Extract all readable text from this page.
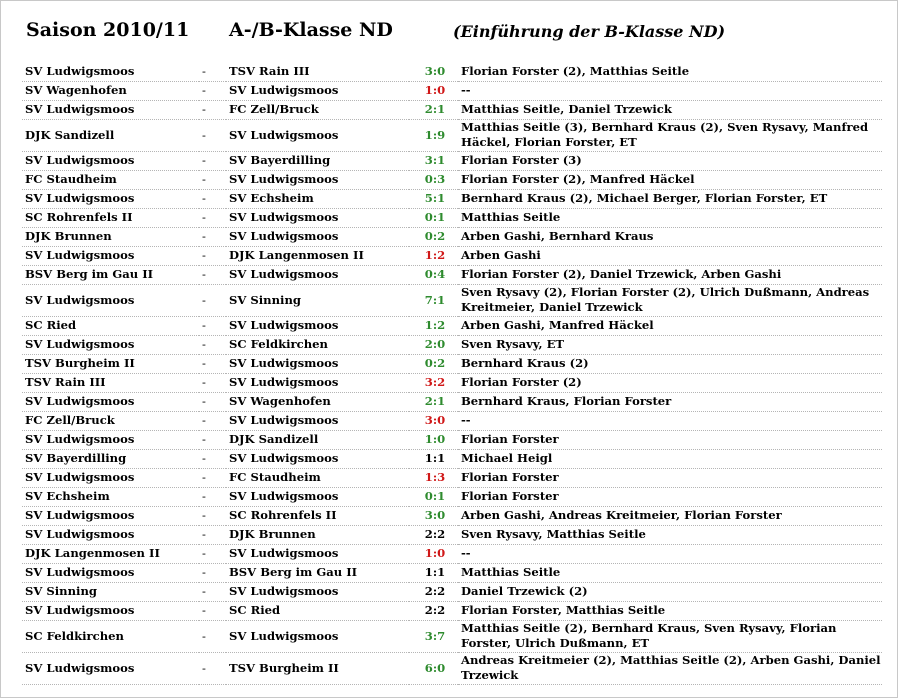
Saison 2010/11 A-/B-Klasse ND	(Einführung der B-Klasse ND)
SV Ludwigsmoos	-	TSV Rain III	3:0	Florian Forster (2), Matthias Seitle
SV Wagenhofen	-	SV Ludwigsmoos	1:0	--
SV Ludwigsmoos	-	FC Zell/Bruck	2:1	Matthias Seitle, Daniel Trzewick
DJK Sandizell	-	SV Ludwigsmoos	1:9	Matthias Seitle (3), Bernhard Kraus (2), Sven Rysavy, Manfred Häckel, Florian Forster, ET
SV Ludwigsmoos	-	SV Bayerdilling	3:1	Florian Forster (3)
FC Staudheim	-	SV Ludwigsmoos	0:3	Florian Forster (2), Manfred Häckel
SV Ludwigsmoos	-	SV Echsheim	5:1	Bernhard Kraus (2), Michael Berger, Florian Forster, ET
SC Rohrenfels II	-	SV Ludwigsmoos	0:1	Matthias Seitle
DJK Brunnen	-	SV Ludwigsmoos	0:2	Arben Gashi, Bernhard Kraus
SV Ludwigsmoos	-	DJK Langenmosen II	1:2	Arben Gashi
BSV Berg im Gau II	-	SV Ludwigsmoos	0:4	Florian Forster (2), Daniel Trzewick, Arben Gashi
SV Ludwigsmoos	-	SV Sinning	7:1	Sven Rysavy (2), Florian Forster (2), Ulrich Dußmann, Andreas Kreitmeier, Daniel Trzewick
SC Ried	-	SV Ludwigsmoos	1:2	Arben Gashi, Manfred Häckel
SV Ludwigsmoos	-	SC Feldkirchen	2:0	Sven Rysavy, ET
TSV Burgheim II	-	SV Ludwigsmoos	0:2	Bernhard Kraus (2)
TSV Rain III	-	SV Ludwigsmoos	3:2	Florian Forster (2)
SV Ludwigsmoos	-	SV Wagenhofen	2:1	Bernhard Kraus, Florian Forster
FC Zell/Bruck	-	SV Ludwigsmoos	3:0	--
SV Ludwigsmoos	-	DJK Sandizell	1:0	Florian Forster
SV Bayerdilling	-	SV Ludwigsmoos	1:1	Michael Heigl
SV Ludwigsmoos	-	FC Staudheim	1:3	Florian Forster
SV Echsheim	-	SV Ludwigsmoos	0:1	Florian Forster
SV Ludwigsmoos	-	SC Rohrenfels II	3:0	Arben Gashi, Andreas Kreitmeier, Florian Forster
SV Ludwigsmoos	-	DJK Brunnen	2:2	Sven Rysavy, Matthias Seitle
DJK Langenmosen II	-	SV Ludwigsmoos	1:0	--
SV Ludwigsmoos	-	BSV Berg im Gau II	1:1	Matthias Seitle
SV Sinning	-	SV Ludwigsmoos	2:2	Daniel Trzewick (2)
SV Ludwigsmoos	-	SC Ried	2:2	Florian Forster, Matthias Seitle
SC Feldkirchen	-	SV Ludwigsmoos	3:7	Matthias Seitle (2), Bernhard Kraus, Sven Rysavy, Florian Forster, Ulrich Dußmann, ET
SV Ludwigsmoos	-	TSV Burgheim II	6:0	Andreas Kreitmeier (2), Matthias Seitle (2), Arben Gashi, Daniel Trzewick
